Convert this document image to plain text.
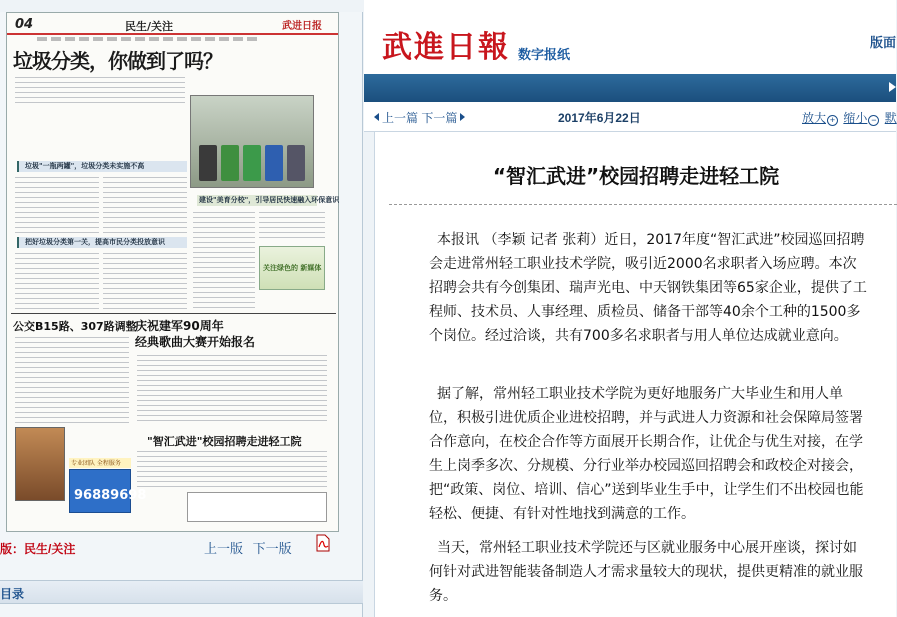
04	民生/关注	武进日报
垃圾分类，你做到了吗？
垃圾"一瓶两罐"，垃圾分类未实施不高
建设"美育分校"，引导居民快速融入环保意识
关注绿色的 新媒体
把好垃圾分类第一关，提高市民分类投放意识
公交B15路、307路调整
庆祝建军90周年
经典歌曲大赛开始报名
"智汇武进"校园招聘走进轻工院
专业团队 全程服务
96889698
版：民生/关注	上一版 下一版
目录
武進日報 数字报纸
版面
上一篇 下一篇	2017年6月22日	放大 + 缩小 − 默
“智汇武进”校园招聘走进轻工院

本报讯 （李颖 记者 张莉）近日，2017年度“智汇武进”校园巡回招聘会走进常州轻工职业技术学院，吸引近2000名求职者入场应聘。本次招聘会共有今创集团、瑞声光电、中天钢铁集团等65家企业，提供了工程师、技术员、人事经理、质检员、储备干部等40余个工种的1500多个岗位。经过洽谈，共有700多名求职者与用人单位达成就业意向。

据了解，常州轻工职业技术学院为更好地服务广大毕业生和用人单位，积极引进优质企业进校招聘，并与武进人力资源和社会保障局签署合作意向，在校企合作等方面展开长期合作，让优企与优生对接，在学生上岗季多次、分规模、分行业举办校园巡回招聘会和政校企对接会，把“政策、岗位、培训、信心”送到毕业生手中，让学生们不出校园也能轻松、便捷、有针对性地找到满意的工作。

当天，常州轻工职业技术学院还与区就业服务中心展开座谈，探讨如何针对武进智能装备制造人才需求量较大的现状，提供更精准的就业服务。
